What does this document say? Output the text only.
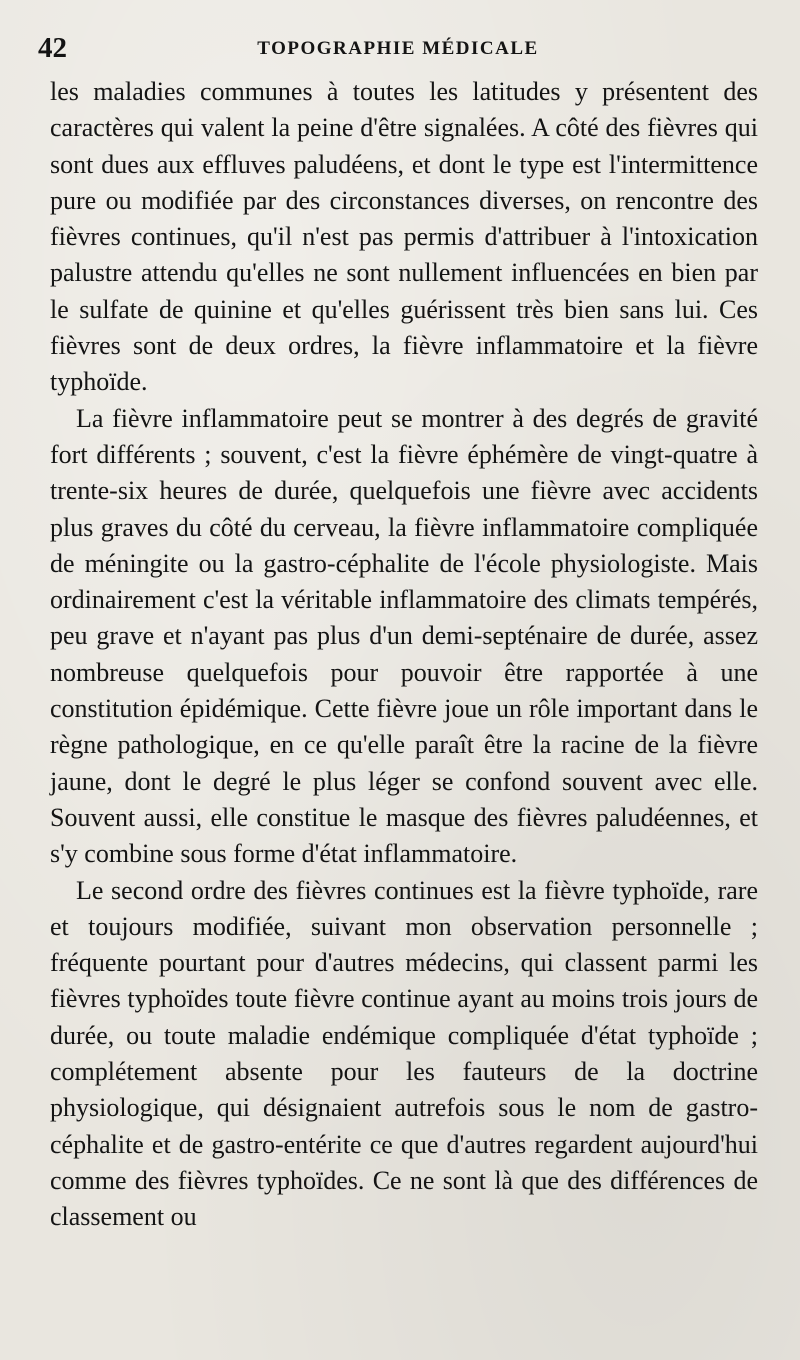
42	TOPOGRAPHIE MÉDICALE

les maladies communes à toutes les latitudes y présentent des caractères qui valent la peine d'être signalées. A côté des fièvres qui sont dues aux effluves paludéens, et dont le type est l'intermittence pure ou modifiée par des circonstances diverses, on rencontre des fièvres continues, qu'il n'est pas permis d'attribuer à l'intoxication palustre attendu qu'elles ne sont nullement influencées en bien par le sulfate de quinine et qu'elles guérissent très bien sans lui. Ces fièvres sont de deux ordres, la fièvre inflammatoire et la fièvre typhoïde.

La fièvre inflammatoire peut se montrer à des degrés de gravité fort différents ; souvent, c'est la fièvre éphémère de vingt-quatre à trente-six heures de durée, quelquefois une fièvre avec accidents plus graves du côté du cerveau, la fièvre inflammatoire compliquée de méningite ou la gastro-céphalite de l'école physiologiste. Mais ordinairement c'est la véritable inflammatoire des climats tempérés, peu grave et n'ayant pas plus d'un demi-septénaire de durée, assez nombreuse quelquefois pour pouvoir être rapportée à une constitution épidémique. Cette fièvre joue un rôle important dans le règne pathologique, en ce qu'elle paraît être la racine de la fièvre jaune, dont le degré le plus léger se confond souvent avec elle. Souvent aussi, elle constitue le masque des fièvres paludéennes, et s'y combine sous forme d'état inflammatoire.

Le second ordre des fièvres continues est la fièvre typhoïde, rare et toujours modifiée, suivant mon observation personnelle ; fréquente pourtant pour d'autres médecins, qui classent parmi les fièvres typhoïdes toute fièvre continue ayant au moins trois jours de durée, ou toute maladie endémique compliquée d'état typhoïde ; complétement absente pour les fauteurs de la doctrine physiologique, qui désignaient autrefois sous le nom de gastro-céphalite et de gastro-entérite ce que d'autres regardent aujourd'hui comme des fièvres typhoïdes. Ce ne sont là que des différences de classement ou
